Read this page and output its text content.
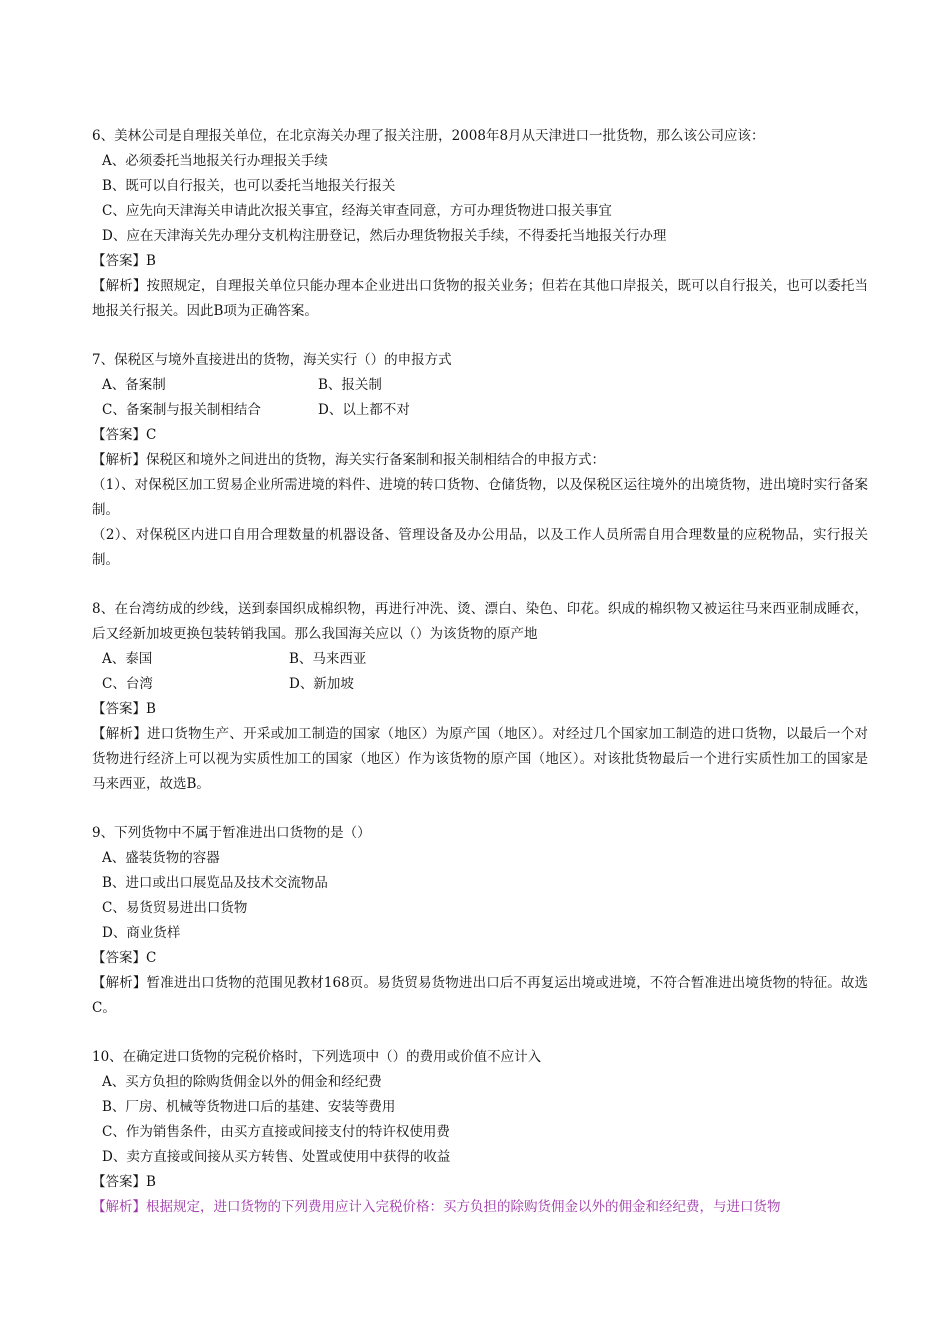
6、美林公司是自理报关单位，在北京海关办理了报关注册，2008年8月从天津进口一批货物，那么该公司应该：
A、必须委托当地报关行办理报关手续
B、既可以自行报关，也可以委托当地报关行报关
C、应先向天津海关申请此次报关事宜，经海关审查同意，方可办理货物进口报关事宜
D、应在天津海关先办理分支机构注册登记，然后办理货物报关手续，不得委托当地报关行办理
【答案】B
【解析】按照规定，自理报关单位只能办理本企业进出口货物的报关业务；但若在其他口岸报关，既可以自行报关，也可以委托当地报关行报关。因此B项为正确答案。
7、保税区与境外直接进出的货物，海关实行（）的申报方式
A、备案制	B、报关制
C、备案制与报关制相结合	D、以上都不对
【答案】C
【解析】保税区和境外之间进出的货物，海关实行备案制和报关制相结合的申报方式：
（1）、对保税区加工贸易企业所需进境的料件、进境的转口货物、仓储货物，以及保税区运往境外的出境货物，进出境时实行备案制。
（2）、对保税区内进口自用合理数量的机器设备、管理设备及办公用品，以及工作人员所需自用合理数量的应税物品，实行报关制。
8、在台湾纺成的纱线，送到泰国织成棉织物，再进行冲洗、烫、漂白、染色、印花。织成的棉织物又被运往马来西亚制成睡衣，后又经新加坡更换包装转销我国。那么我国海关应以（）为该货物的原产地
A、泰国	B、马来西亚
C、台湾	D、新加坡
【答案】B
【解析】进口货物生产、开采或加工制造的国家（地区）为原产国（地区）。对经过几个国家加工制造的进口货物，以最后一个对货物进行经济上可以视为实质性加工的国家（地区）作为该货物的原产国（地区）。对该批货物最后一个进行实质性加工的国家是马来西亚，故选B。
9、下列货物中不属于暂准进出口货物的是（）
A、盛装货物的容器
B、进口或出口展览品及技术交流物品
C、易货贸易进出口货物
D、商业货样
【答案】C
【解析】暂准进出口货物的范围见教材168页。易货贸易货物进出口后不再复运出境或进境，不符合暂准进出境货物的特征。故选C。
10、在确定进口货物的完税价格时，下列选项中（）的费用或价值不应计入
A、买方负担的除购货佣金以外的佣金和经纪费
B、厂房、机械等货物进口后的基建、安装等费用
C、作为销售条件，由买方直接或间接支付的特许权使用费
D、卖方直接或间接从买方转售、处置或使用中获得的收益
【答案】B
【解析】根据规定，进口货物的下列费用应计入完税价格：买方负担的除购货佣金以外的佣金和经纪费，与进口货物
